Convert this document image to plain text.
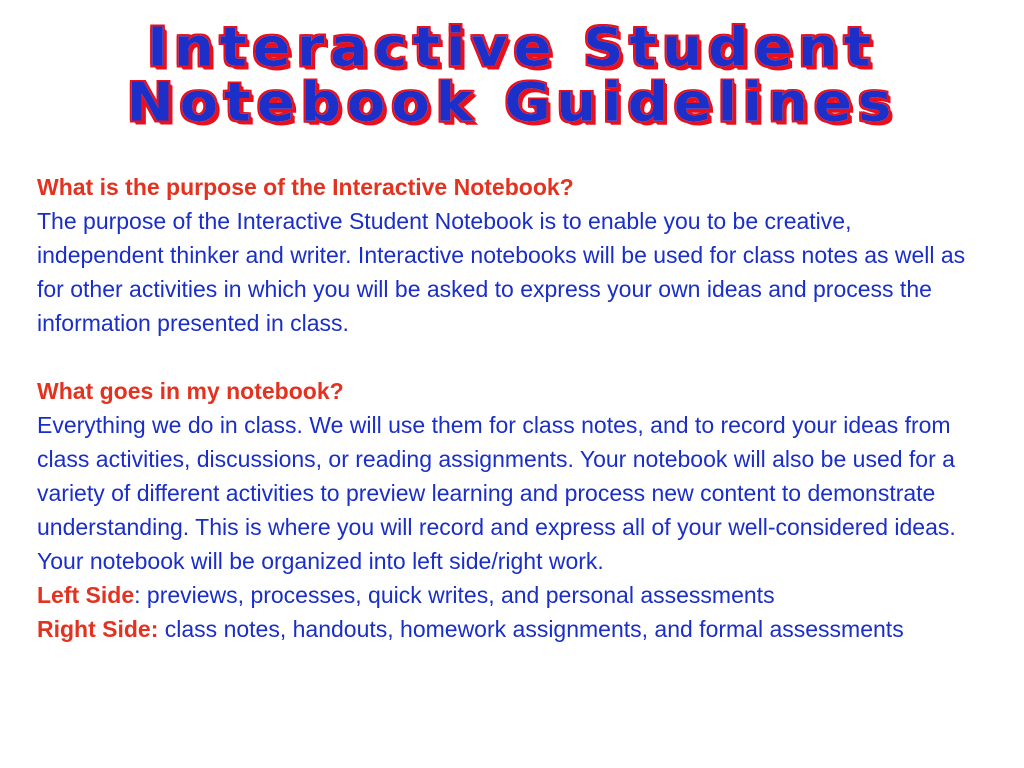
Interactive Student
Notebook Guidelines

What is the purpose of the Interactive Notebook?

The purpose of the Interactive Student Notebook is to enable you to be creative, independent thinker and writer. Interactive notebooks will be used for class notes as well as for other activities in which you will be asked to express your own ideas and process the information presented in class.

What goes in my notebook?

Everything we do in class. We will use them for class notes, and to record your ideas from class activities, discussions, or reading assignments. Your notebook will also be used for a variety of different activities to preview learning and process new content to demonstrate understanding. This is where you will record and express all of your well-considered ideas. Your notebook will be organized into left side/right work.

Left Side: previews, processes, quick writes, and personal assessments

Right Side: class notes, handouts, homework assignments, and formal assessments
